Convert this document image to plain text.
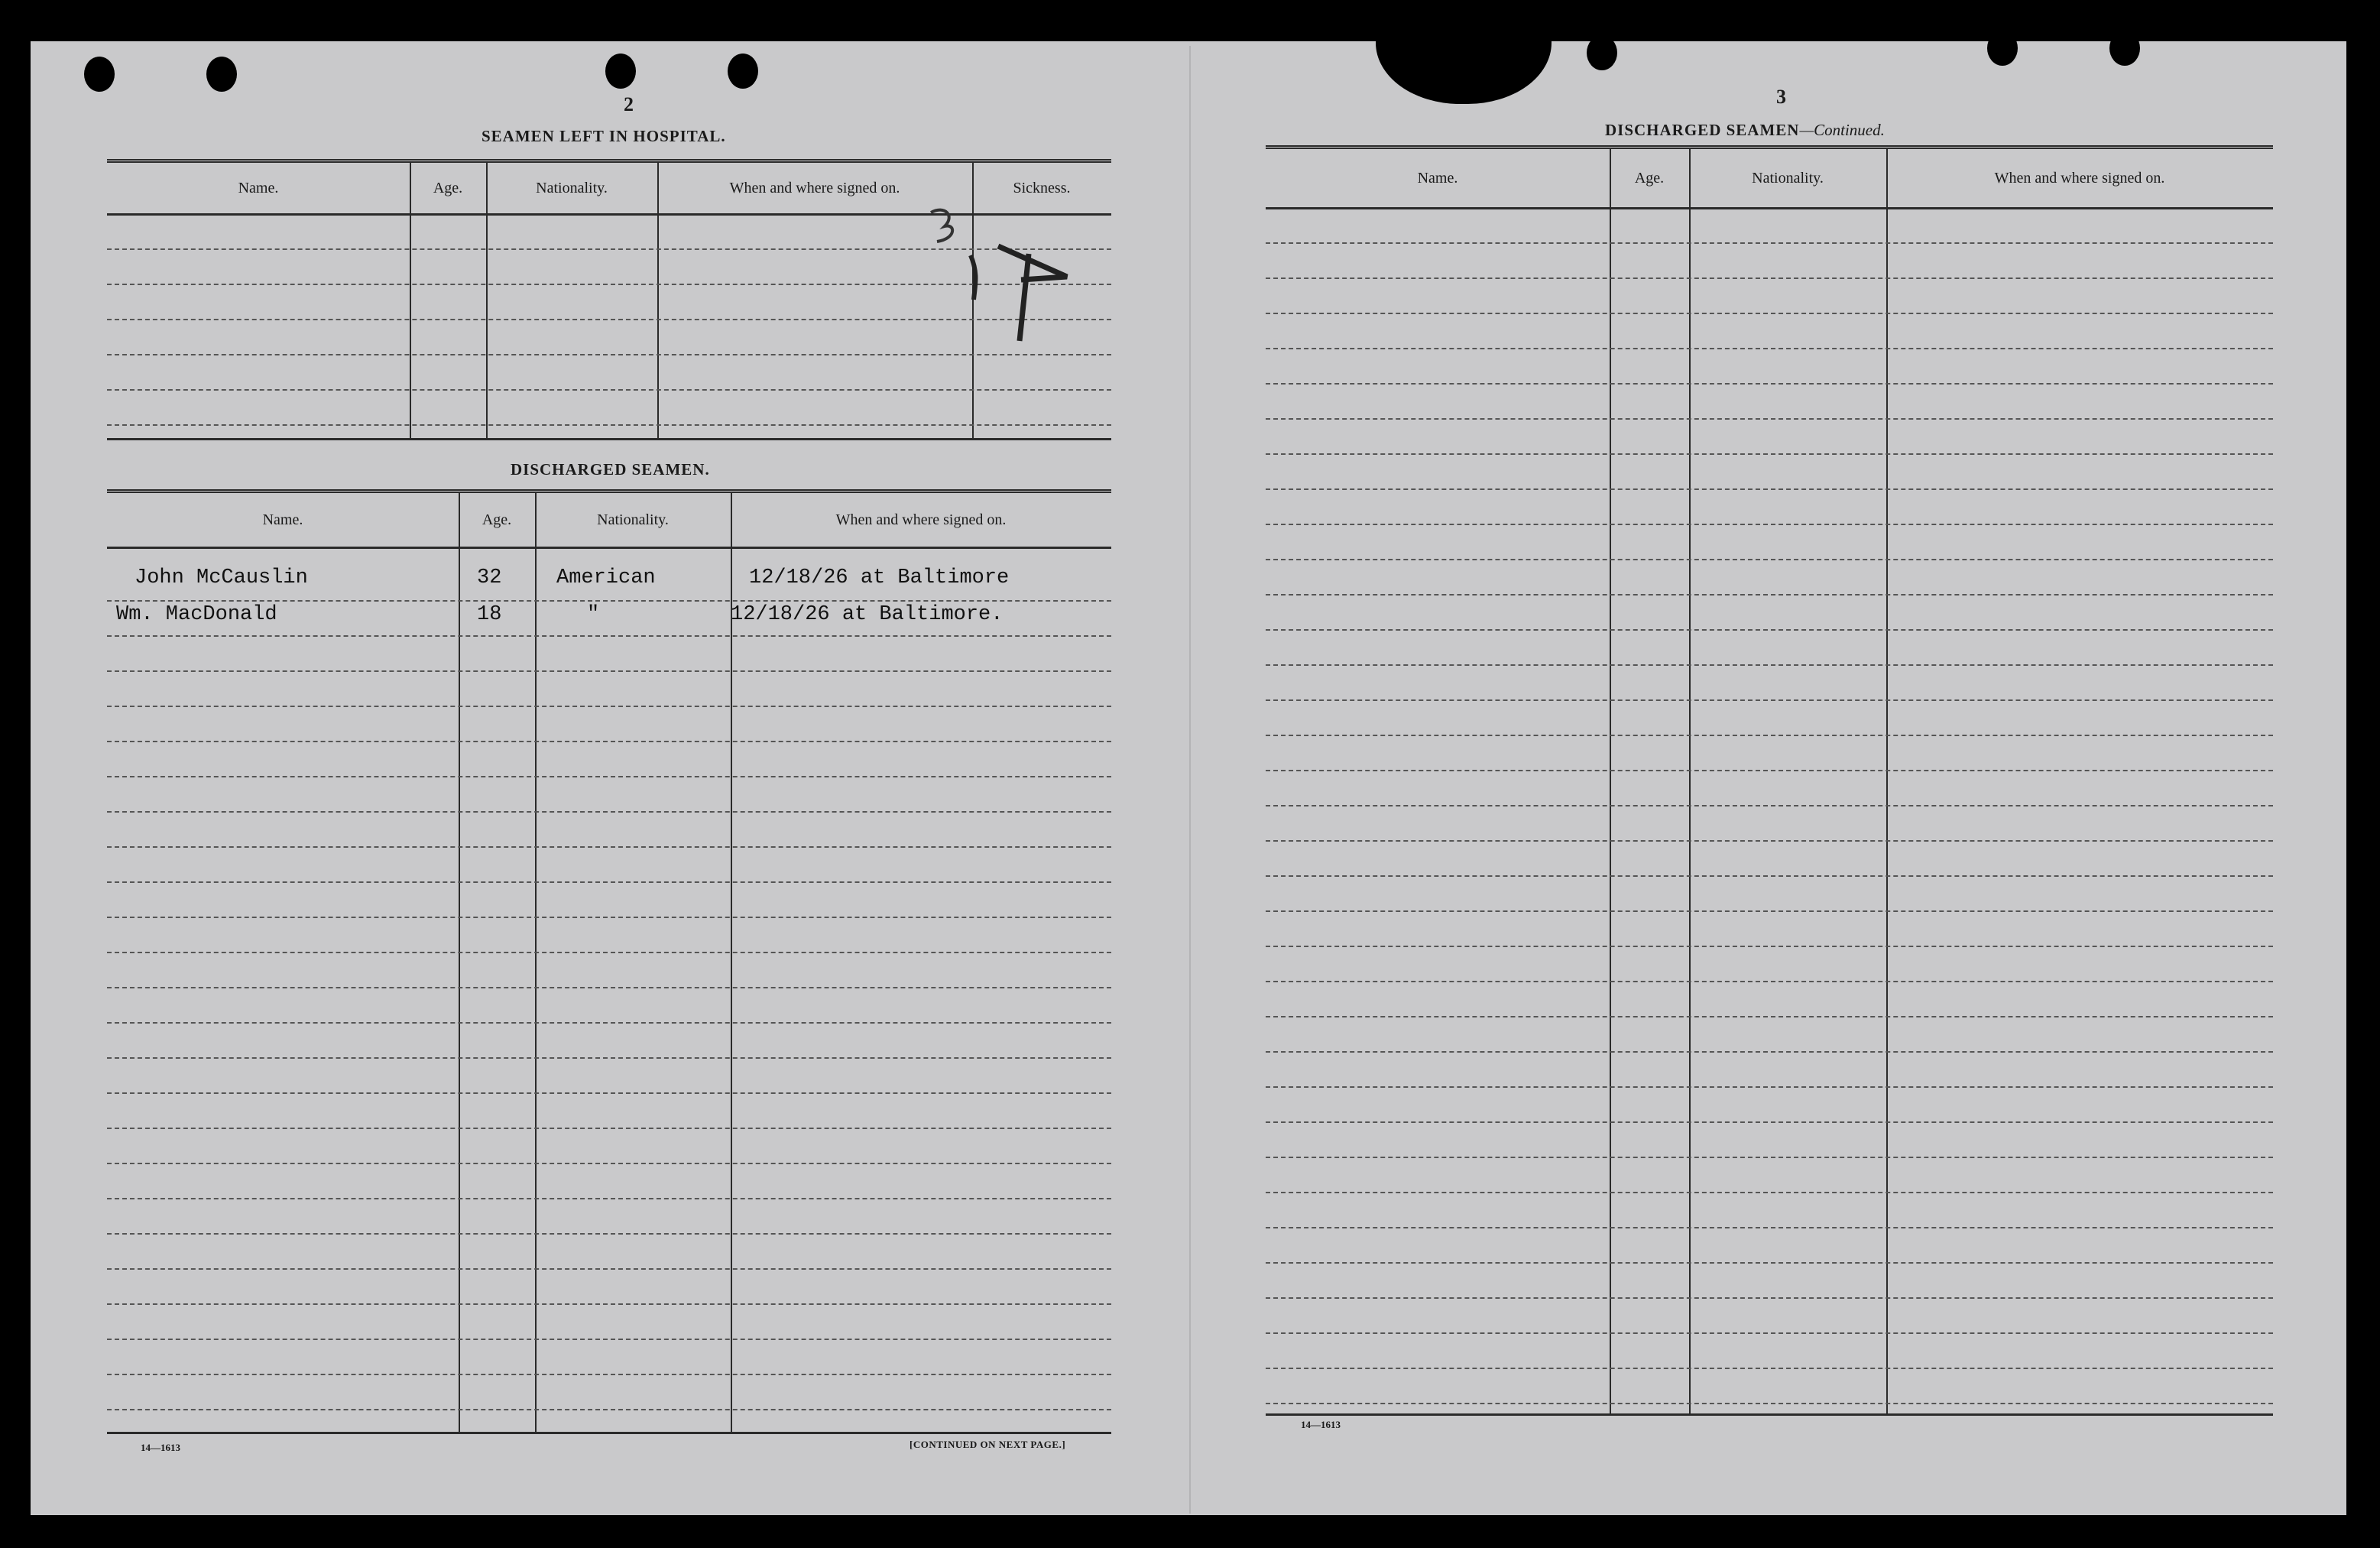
2
SEAMEN LEFT IN HOSPITAL.
Name.	Age.	Nationality.	When and where signed on.	Sickness.
DISCHARGED SEAMEN.
Name.	Age.	Nationality.	When and where signed on.
John McCauslin	32	American	12/18/26 at Baltimore
Wm. MacDonald	18	"	12/18/26 at Baltimore.
14—1613	[CONTINUED ON NEXT PAGE.]
3
DISCHARGED SEAMEN—Continued.
Name.	Age.	Nationality.	When and where signed on.
14—1613
